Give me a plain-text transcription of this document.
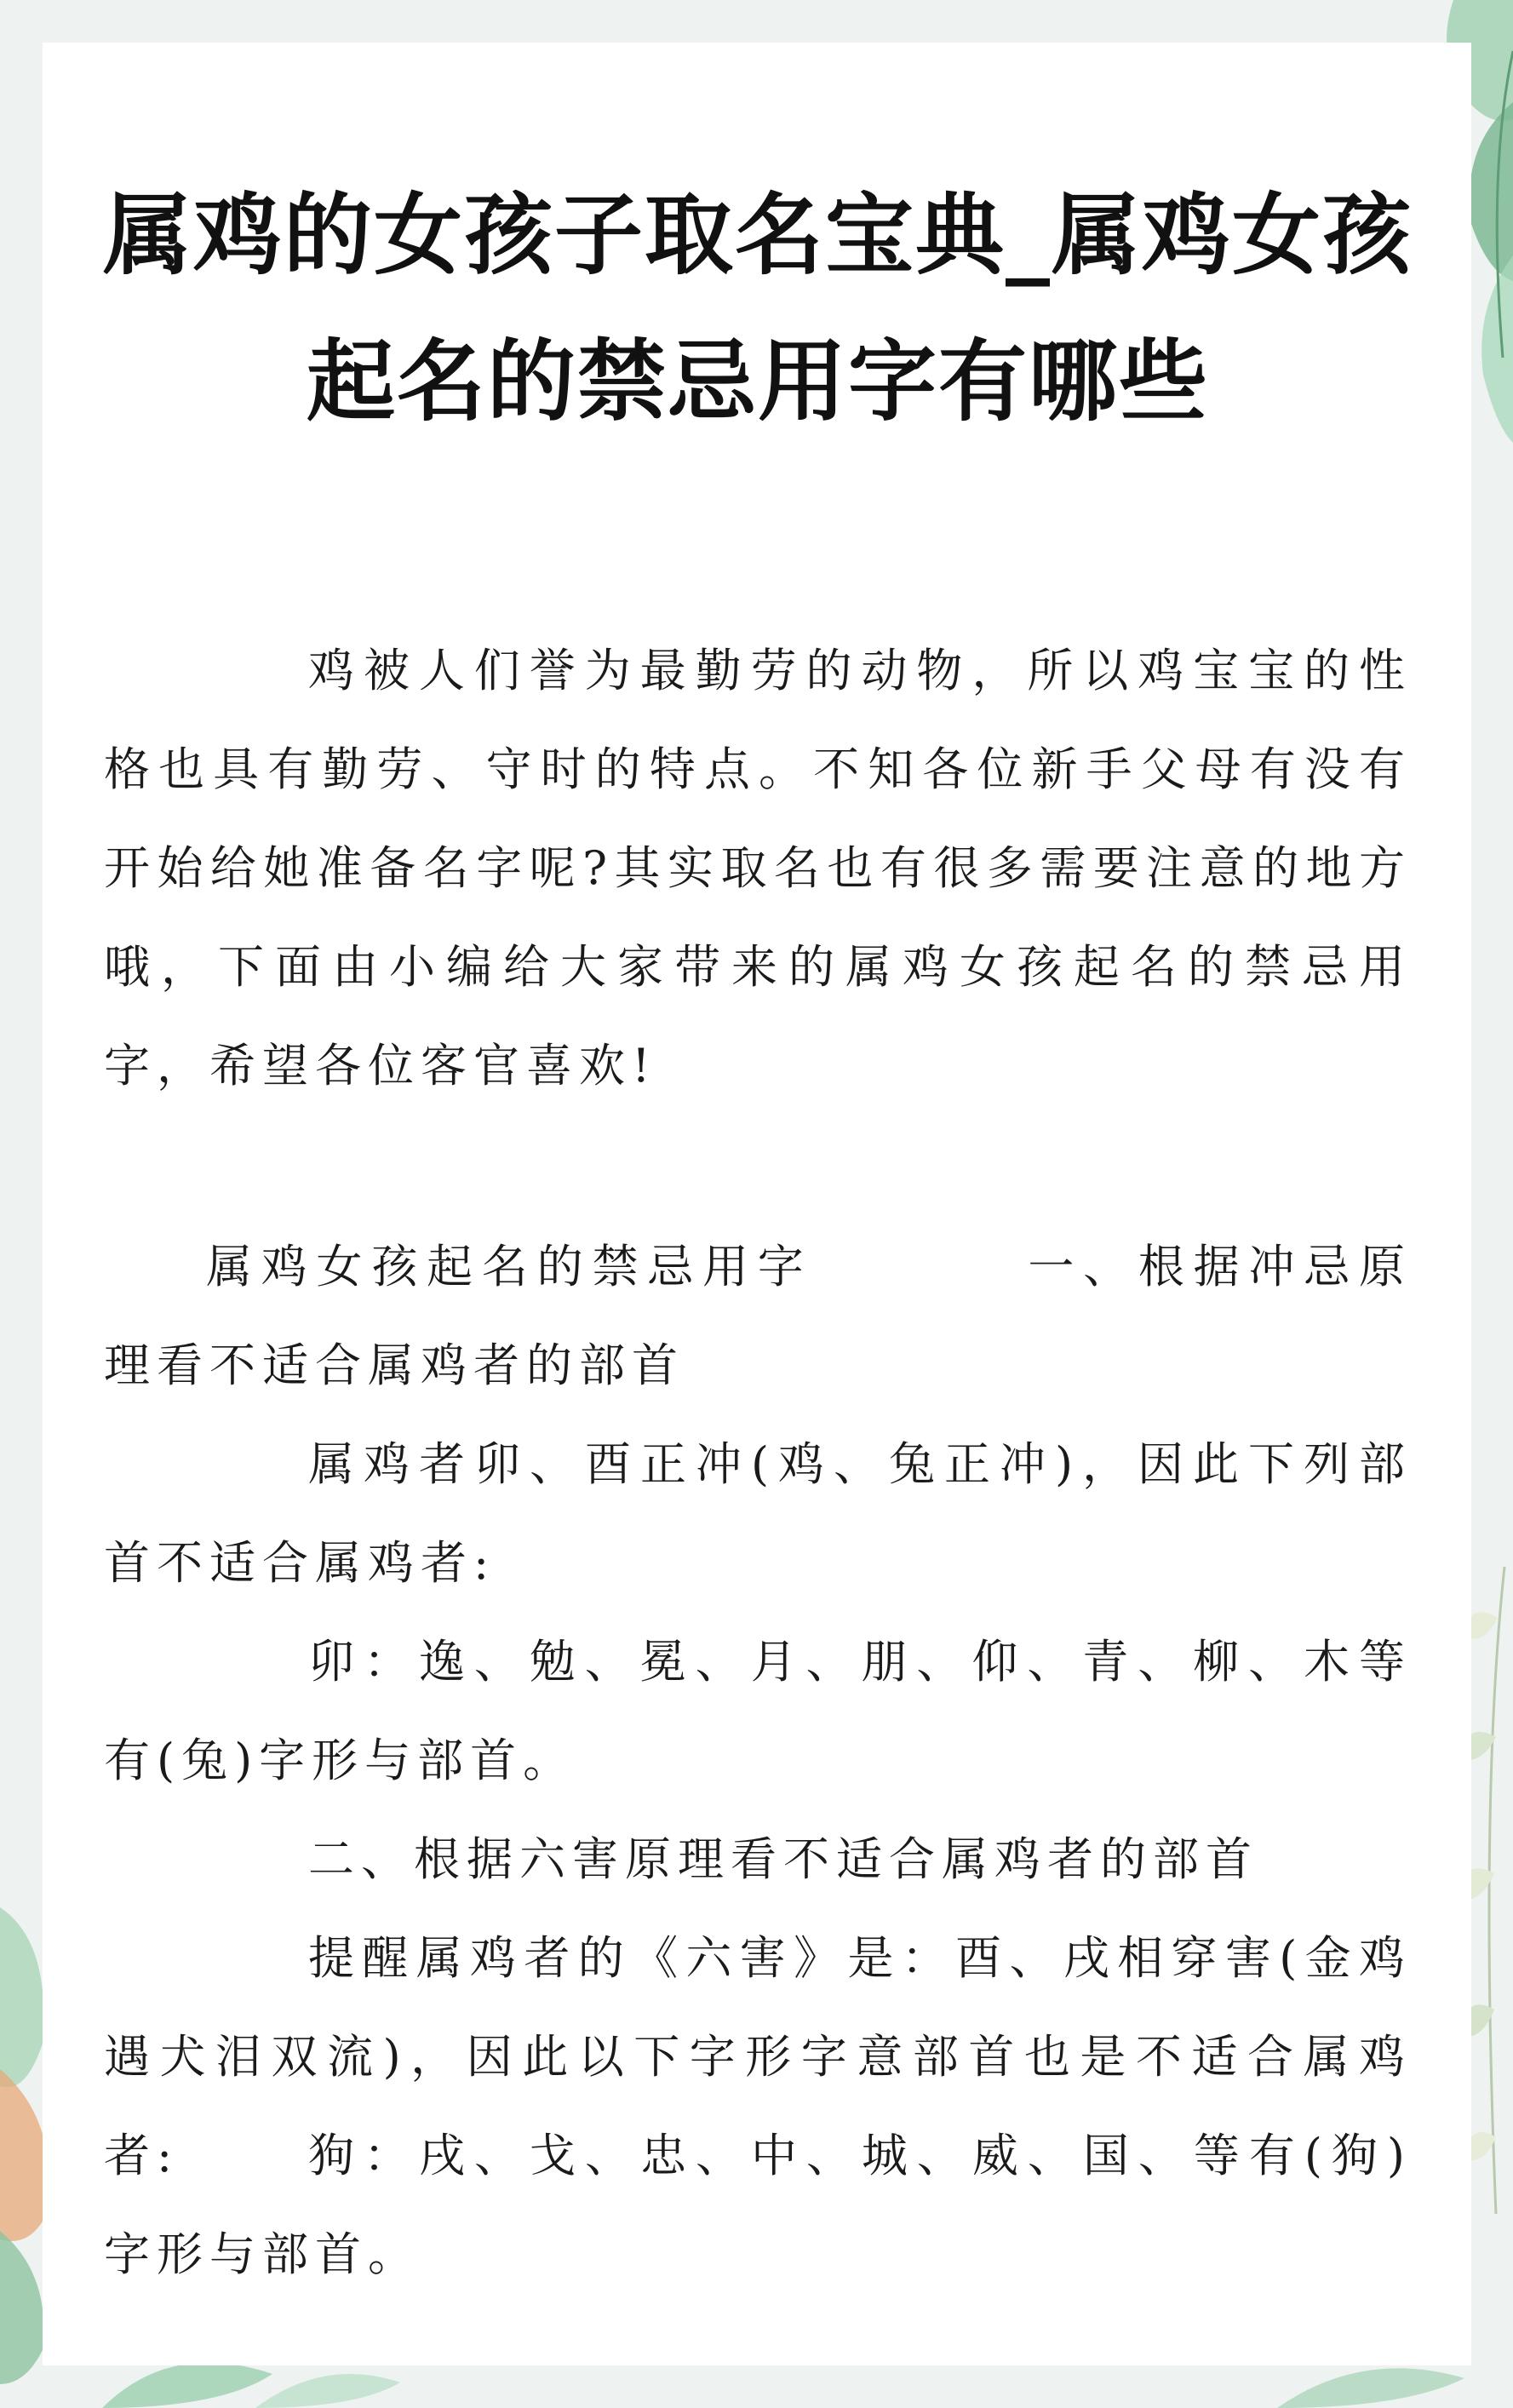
属鸡的女孩子取名宝典_属鸡女孩起名的禁忌用字有哪些

鸡被人们誉为最勤劳的动物，所以鸡宝宝的性格也具有勤劳、守时的特点。不知各位新手父母有没有开始给她准备名字呢?其实取名也有很多需要注意的地方哦，下面由小编给大家带来的属鸡女孩起名的禁忌用字，希望各位客官喜欢!

属鸡女孩起名的禁忌用字	一、根据冲忌原理看不适合属鸡者的部首

属鸡者卯、酉正冲(鸡、兔正冲)，因此下列部首不适合属鸡者:

卯：逸、勉、冕、月、朋、仰、青、柳、木等有(兔)字形与部首。

二、根据六害原理看不适合属鸡者的部首

提醒属鸡者的《六害》是：酉、戌相穿害(金鸡遇犬泪双流)，因此以下字形字意部首也是不适合属鸡者:	狗：戌、戈、忠、中、城、威、国、等有(狗)字形与部首。
